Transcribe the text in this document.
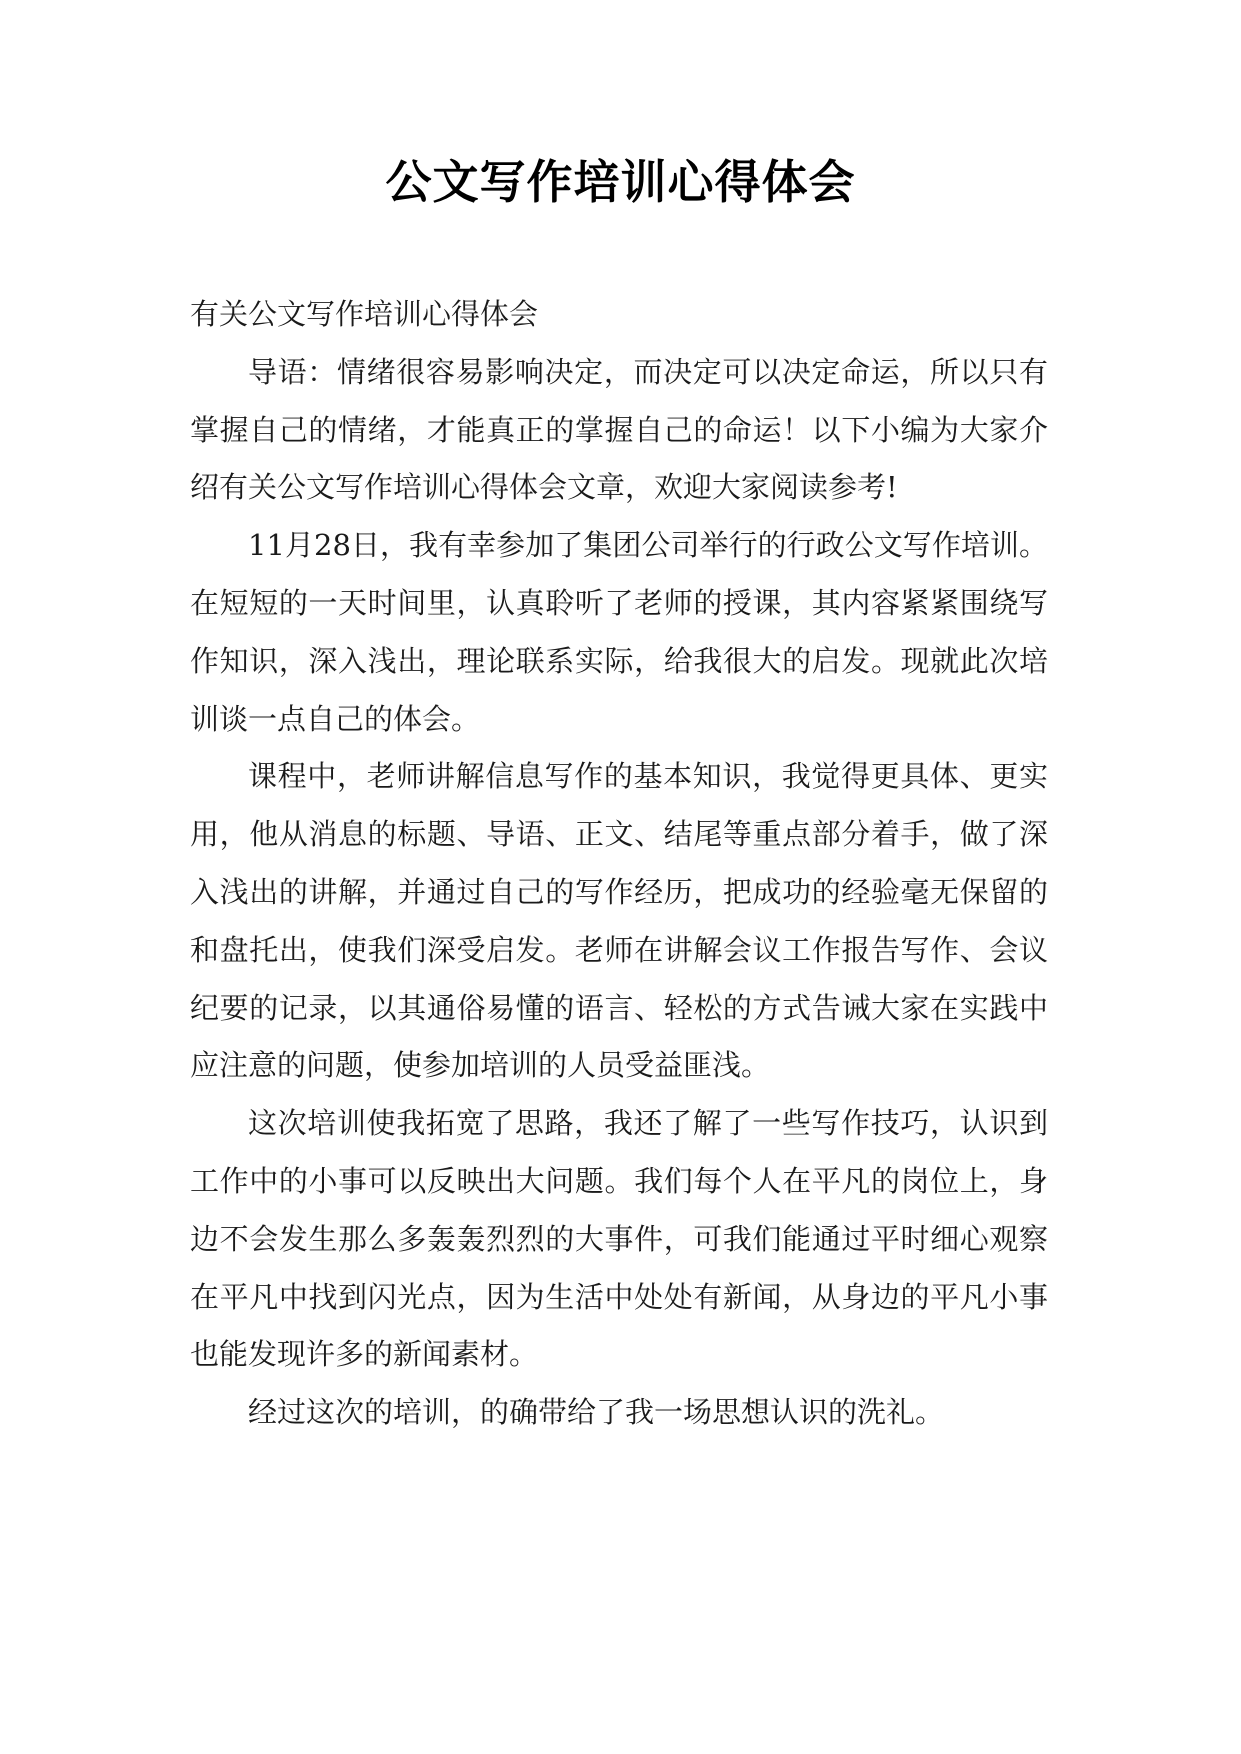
公文写作培训心得体会

有关公文写作培训心得体会

导语：情绪很容易影响决定，而决定可以决定命运，所以只有掌握自己的情绪，才能真正的掌握自己的命运！以下小编为大家介绍有关公文写作培训心得体会文章，欢迎大家阅读参考!

11月28日，我有幸参加了集团公司举行的行政公文写作培训。在短短的一天时间里，认真聆听了老师的授课，其内容紧紧围绕写作知识，深入浅出，理论联系实际，给我很大的启发。现就此次培训谈一点自己的体会。

课程中，老师讲解信息写作的基本知识，我觉得更具体、更实用，他从消息的标题、导语、正文、结尾等重点部分着手，做了深入浅出的讲解，并通过自己的写作经历，把成功的经验毫无保留的和盘托出，使我们深受启发。老师在讲解会议工作报告写作、会议纪要的记录，以其通俗易懂的语言、轻松的方式告诫大家在实践中应注意的问题，使参加培训的人员受益匪浅。

这次培训使我拓宽了思路，我还了解了一些写作技巧，认识到工作中的小事可以反映出大问题。我们每个人在平凡的岗位上，身边不会发生那么多轰轰烈烈的大事件，可我们能通过平时细心观察在平凡中找到闪光点，因为生活中处处有新闻，从身边的平凡小事也能发现许多的新闻素材。

经过这次的培训，的确带给了我一场思想认识的洗礼。
